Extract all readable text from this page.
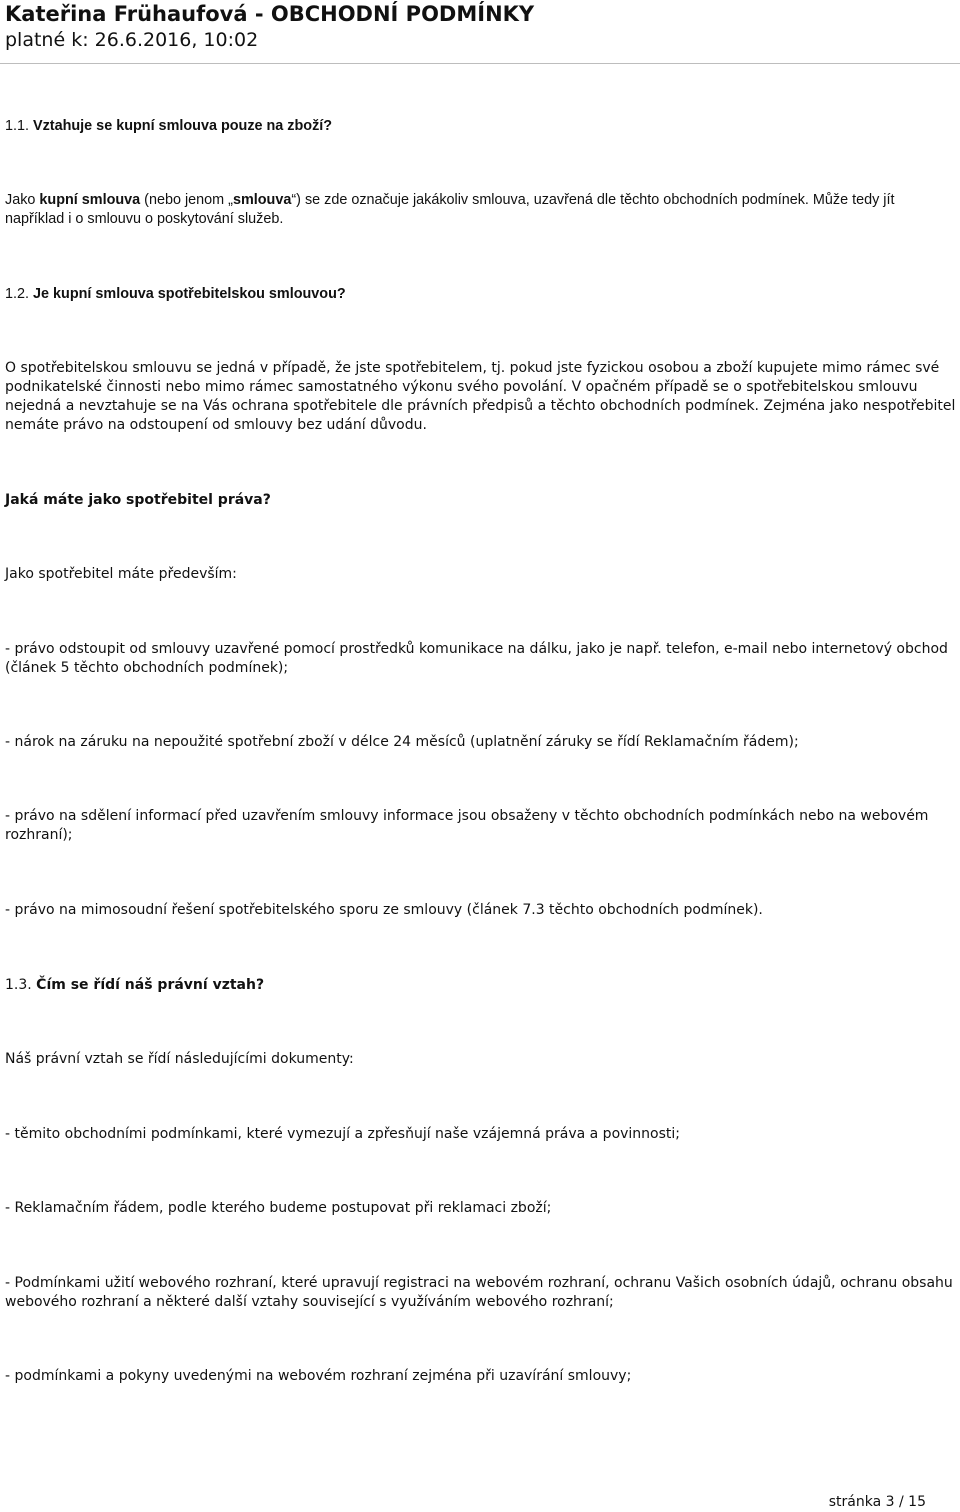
Kateřina Frühaufová - OBCHODNÍ PODMÍNKY
platné k: 26.6.2016, 10:02
1.1. Vztahuje se kupní smlouva pouze na zboží?
Jako kupní smlouva (nebo jenom „smlouva“) se zde označuje jakákoliv smlouva, uzavřená dle těchto obchodních podmínek. Může tedy jít například i o smlouvu o poskytování služeb.
1.2. Je kupní smlouva spotřebitelskou smlouvou?
O spotřebitelskou smlouvu se jedná v případě, že jste spotřebitelem, tj. pokud jste fyzickou osobou a zboží kupujete mimo rámec své podnikatelské činnosti nebo mimo rámec samostatného výkonu svého povolání. V opačném případě se o spotřebitelskou smlouvu nejedná a nevztahuje se na Vás ochrana spotřebitele dle právních předpisů a těchto obchodních podmínek. Zejména jako nespotřebitel nemáte právo na odstoupení od smlouvy bez udání důvodu.
Jaká máte jako spotřebitel práva?
Jako spotřebitel máte především:
- právo odstoupit od smlouvy uzavřené pomocí prostředků komunikace na dálku, jako je např. telefon, e-mail nebo internetový obchod (článek 5 těchto obchodních podmínek);
- nárok na záruku na nepoužité spotřební zboží v délce 24 měsíců (uplatnění záruky se řídí Reklamačním řádem);
- právo na sdělení informací před uzavřením smlouvy informace jsou obsaženy v těchto obchodních podmínkách nebo na webovém rozhraní);
- právo na mimosoudní řešení spotřebitelského sporu ze smlouvy (článek 7.3 těchto obchodních podmínek).
1.3. Čím se řídí náš právní vztah?
Náš právní vztah se řídí následujícími dokumenty:
- těmito obchodními podmínkami, které vymezují a zpřesňují naše vzájemná práva a povinnosti;
- Reklamačním řádem, podle kterého budeme postupovat při reklamaci zboží;
- Podmínkami užití webového rozhraní, které upravují registraci na webovém rozhraní, ochranu Vašich osobních údajů, ochranu obsahu webového rozhraní a některé další vztahy související s využíváním webového rozhraní;
- podmínkami a pokyny uvedenými na webovém rozhraní zejména při uzavírání smlouvy;
stránka 3 / 15
